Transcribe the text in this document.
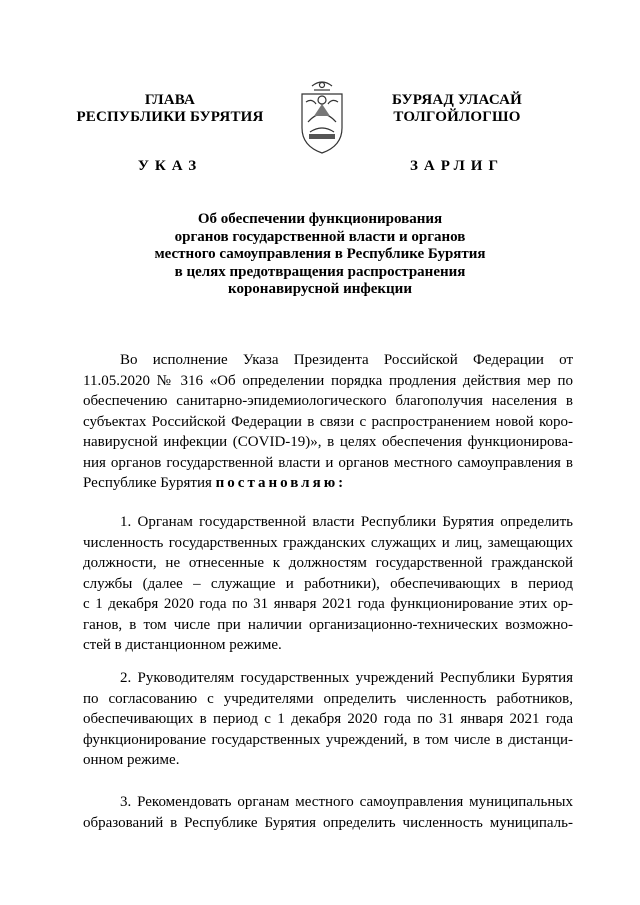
ГЛАВА
РЕСПУБЛИКИ БУРЯТИЯ
УКАЗ
БУРЯАД УЛАСАЙ
ТОЛГОЙЛОГШО
ЗАРЛИГ
Об обеспечении функционирования
органов государственной власти и органов
местного самоуправления в Республике Бурятия
в целях предотвращения распространения
коронавирусной инфекции
Во исполнение Указа Президента Российской Федерации от
11.05.2020 № 316 «Об определении порядка продления действия мер по
обеспечению санитарно-эпидемиологического благополучия населения в
субъектах Российской Федерации в связи с распространением новой коро-
навирусной инфекции (COVID-19)», в целях обеспечения функционирова-
ния органов государственной власти и органов местного самоуправления в
Республике Бурятия постановляю:
1. Органам государственной власти Республики Бурятия определить
численность государственных гражданских служащих и лиц, замещающих
должности, не отнесенные к должностям государственной гражданской
службы (далее – служащие и работники), обеспечивающих в период
с 1 декабря 2020 года по 31 января 2021 года функционирование этих ор-
ганов, в том числе при наличии организационно-технических возможно-
стей в дистанционном режиме.
2. Руководителям государственных учреждений Республики Бурятия
по согласованию с учредителями определить численность работников,
обеспечивающих в период с 1 декабря 2020 года по 31 января 2021 года
функционирование государственных учреждений, в том числе в дистанци-
онном режиме.
3. Рекомендовать органам местного самоуправления муниципальных
образований в Республике Бурятия определить численность муниципаль-
